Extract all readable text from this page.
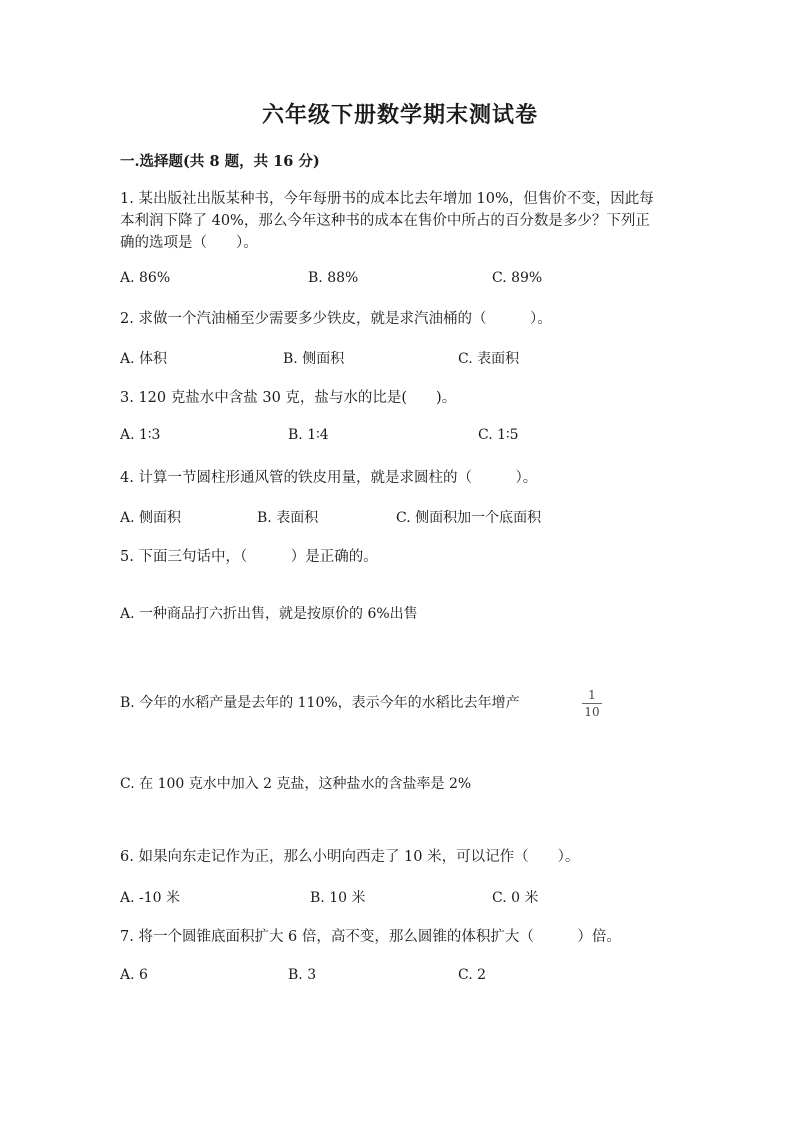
六年级下册数学期末测试卷
一.选择题(共 8 题，共 16 分)
1. 某出版社出版某种书，今年每册书的成本比去年增加 10%，但售价不变，因此每本利润下降了 40%，那么今年这种书的成本在售价中所占的百分数是多少？下列正确的选项是（　　）。
A. 86%	B. 88%	C. 89%
2. 求做一个汽油桶至少需要多少铁皮，就是求汽油桶的（　　　）。
A. 体积	B. 侧面积	C. 表面积
3. 120 克盐水中含盐 30 克，盐与水的比是(　　)。
A. 1∶3	B. 1∶4	C. 1∶5
4. 计算一节圆柱形通风管的铁皮用量，就是求圆柱的（　　　）。
A. 侧面积	B. 表面积	C. 侧面积加一个底面积
5. 下面三句话中，（　　　）是正确的。
A. 一种商品打六折出售，就是按原价的 6%出售
B. 今年的水稻产量是去年的 110%，表示今年的水稻比去年增产	1
10
C. 在 100 克水中加入 2 克盐，这种盐水的含盐率是 2%
6. 如果向东走记作为正，那么小明向西走了 10 米，可以记作（　　）。
A. -10 米	B. 10 米	C. 0 米
7. 将一个圆锥底面积扩大 6 倍，高不变，那么圆锥的体积扩大（　　　）倍。
A. 6	B. 3	C. 2
